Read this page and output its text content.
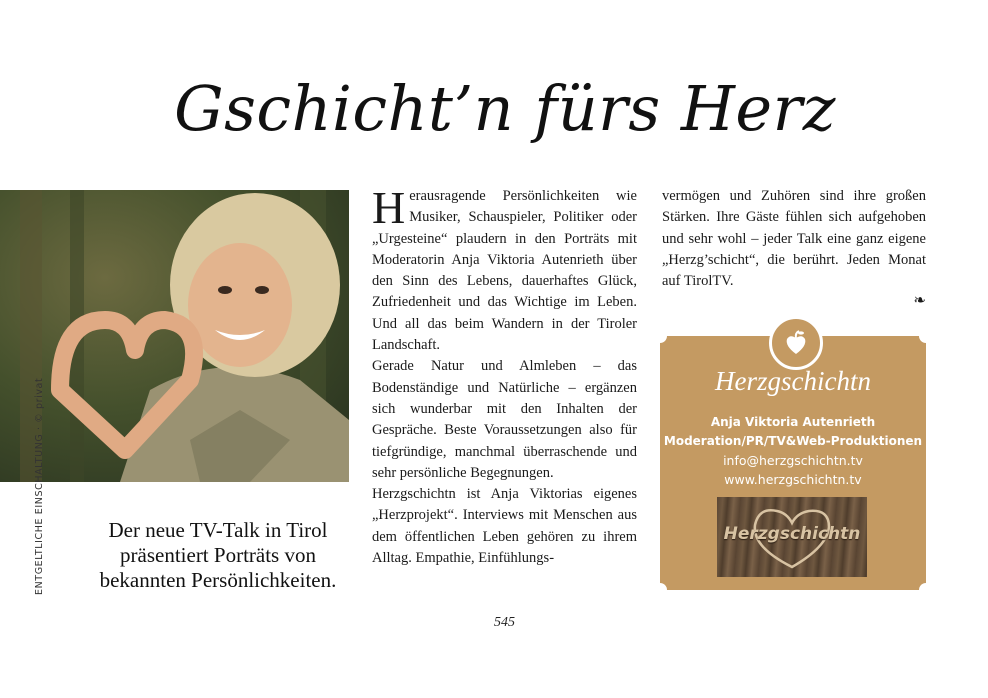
Gschicht’n fürs Herz
ENTGELTLICHE EINSCHALTUNG · © privat	Der neue TV-Talk in Tirol präsentiert Porträts von bekannten Persönlichkeiten.

Herausragende Persönlichkeiten wie Musiker, Schauspieler, Politiker oder „Urgesteine“ plaudern in den Porträts mit Moderatorin Anja Viktoria Autenrieth über den Sinn des Lebens, dauerhaftes Glück, Zufriedenheit und das Wichtige im Leben. Und all das beim Wandern in der Tiroler Landschaft.

Gerade Natur und Almleben – das Bodenständige und Natürliche – ergänzen sich wunderbar mit den Inhalten der Gespräche. Beste Voraussetzungen also für tiefgründige, manchmal überraschende und sehr persönliche Begegnungen.

Herzgschichtn ist Anja Viktorias eigenes „Herzprojekt“. Interviews mit Menschen aus dem öffentlichen Leben gehören zu ihrem Alltag. Empathie, Einfühlungs-

vermögen und Zuhören sind ihre großen Stärken. Ihre Gäste fühlen sich aufgehoben und sehr wohl – jeder Talk eine ganz eigene „Herzg’schicht“, die berührt. Jeden Monat auf TirolTV.

❧
Herzgschichtn
Anja Viktoria Autenrieth
Moderation/PR/TV&Web-Produktionen
info@herzgschichtn.tv
www.herzgschichtn.tv
Herzgschichtn
545
